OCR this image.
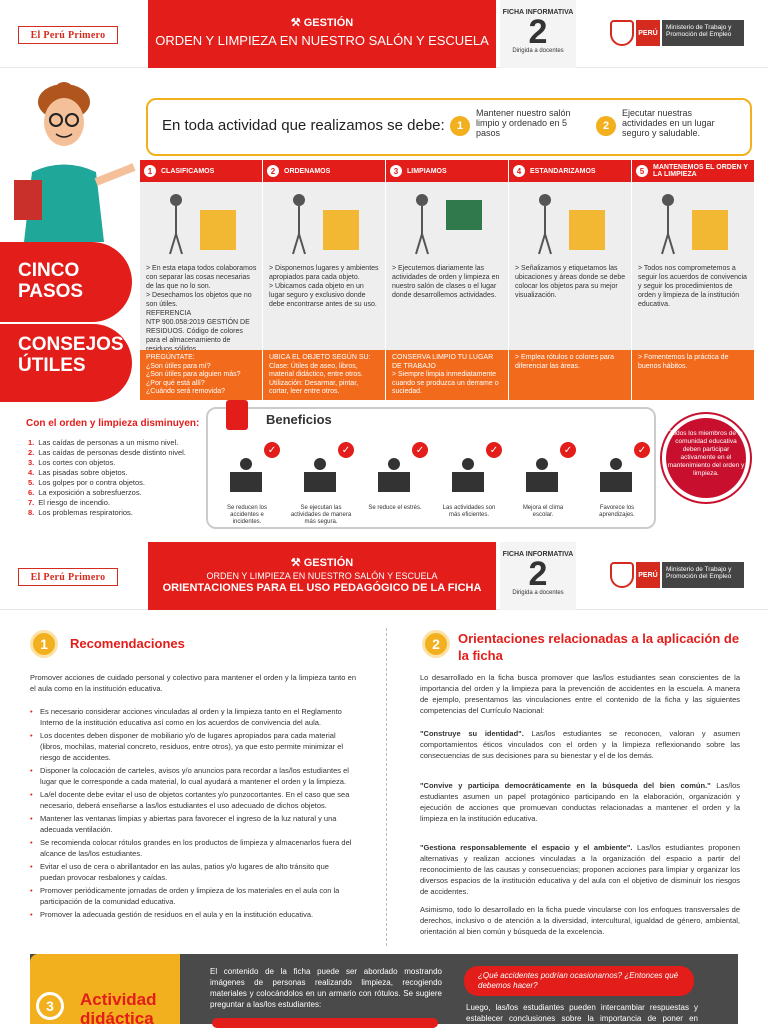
El Perú Primero
⚒ GESTIÓN
ORDEN Y LIMPIEZA EN NUESTRO SALÓN Y ESCUELA
FICHA INFORMATIVA
2
Dirigida a docentes
PERÚ
Ministerio de Trabajo y Promoción del Empleo
En toda actividad que realizamos se debe:	1
Mantener nuestro salón limpio y ordenado en 5 pasos
2
Ejecutar nuestras actividades en un lugar seguro y saludable.
CINCO PASOS
CONSEJOS ÚTILES
1	CLASIFICAMOS
> En esta etapa todos colaboramos con separar las cosas necesarias de las que no lo son.
> Desechamos los objetos que no son útiles.
REFERENCIA
NTP 900.058:2019 GESTIÓN DE RESIDUOS. Código de colores para el almacenamiento de
PREGÚNTATE:
¿Son útiles para mí?
¿Son útiles para alguien más?
¿Por qué está allí?
¿Cuándo será removida?
2	ORDENAMOS
> Disponemos lugares y ambientes apropiados para cada objeto.
> Ubicamos cada objeto en un lugar seguro y exclusivo donde debe encontrarse antes de su uso.
UBICA EL OBJETO SEGÚN SU:
Clase: Útiles de aseo, libros, material didáctico, entre otros.
Utilización: Desarmar, pintar, cortar, leer entre otros.
3	LIMPIAMOS
> Ejecutemos diariamente las actividades de orden y limpieza en nuestro salón de clases o el lugar donde desarrollemos actividades.
CONSERVA LIMPIO TU LUGAR DE TRABAJO
> Siempre limpia inmediatamente cuando se produzca un derrame o suciedad.
4	ESTANDARIZAMOS
> Señalizamos y etiquetamos las ubicaciones y áreas donde se debe colocar los objetos para su mejor visualización.
> Emplea rótulos o colores para diferenciar las áreas.
5	MANTENEMOS EL ORDEN Y LA LIMPIEZA
> Todos nos comprometemos a seguir los acuerdos de convivencia y seguir los procedimientos de orden y limpieza de la institución educativa.
> Fomentemos la práctica de buenos hábitos.
Con el orden y limpieza disminuyen:
1. Las caídas de personas a un mismo nivel.
2. Las caídas de personas desde distinto nivel.
3. Los cortes con objetos.
4. Las pisadas sobre objetos.
5. Los golpes por o contra objetos.
6. La exposición a sobresfuerzos.
7. El riesgo de incendio.
8. Los problemas respiratorios.
Beneficios
✓
Se reducen los accidentes e incidentes.
✓
Se ejecutan las actividades de manera más segura.
✓
Se reduce el estrés.
✓
Las actividades son más eficientes.
✓
Mejora el clima escolar.
✓
Favorece los aprendizajes.
Todos los miembros de la comunidad educativa deben participar activamente en el mantenimiento del orden y limpieza.
El Perú Primero
⚒ GESTIÓN
ORDEN Y LIMPIEZA EN NUESTRO SALÓN Y ESCUELA
ORIENTACIONES PARA EL USO PEDAGÓGICO DE LA FICHA
FICHA INFORMATIVA
2
Dirigida a docentes
PERÚ
Ministerio de Trabajo y Promoción del Empleo
1	Recomendaciones
Promover acciones de cuidado personal y colectivo para mantener el orden y la limpieza tanto en el aula como en la institución educativa.
• Es necesario considerar acciones vinculadas al orden y la limpieza tanto en el Reglamento Interno de la institución educativa así como en los acuerdos de convivencia del aula.
• Los docentes deben disponer de mobiliario y/o de lugares apropiados para cada material (libros, mochilas, material concreto, residuos, entre otros), ya que esto permite minimizar el riesgo de accidentes.
• Disponer la colocación de carteles, avisos y/o anuncios para recordar a las/los estudiantes el lugar que le corresponde a cada material, lo cual ayudará a mantener el orden y la limpieza.
• La/el docente debe evitar el uso de objetos cortantes y/o punzocortantes. En el caso que sea necesario, deberá enseñarse a las/los estudiantes el uso adecuado de dichos objetos.
• Mantener las ventanas limpias y abiertas para favorecer el ingreso de la luz natural y una adecuada ventilación.
• Se recomienda colocar rótulos grandes en los productos de limpieza y almacenarlos fuera del alcance de las/los estudiantes.
• Evitar el uso de cera o abrillantador en las aulas, patios y/o lugares de alto tránsito que puedan provocar resbalones y caídas.
• Promover periódicamente jornadas de orden y limpieza de los materiales en el aula con la participación de la comunidad educativa.
• Promover la adecuada gestión de residuos en el aula y en la institución educativa.
2	Orientaciones relacionadas a la aplicación de la ficha
Lo desarrollado en la ficha busca promover que las/los estudiantes sean conscientes de la importancia del orden y la limpieza para la prevención de accidentes en la escuela. A manera de ejemplo, presentamos las vinculaciones entre el contenido de la ficha y las siguientes competencias del Currículo Nacional:
"Construye su identidad". Las/los estudiantes se reconocen, valoran y asumen comportamientos éticos vinculados con el orden y la limpieza reflexionando sobre las consecuencias de sus decisiones para su bienestar y el de los demás.
"Convive y participa democráticamente en la búsqueda del bien común." Las/los estudiantes asumen un papel protagónico participando en la elaboración, organización y ejecución de acciones que promuevan conductas relacionadas a mantener el orden y la limpieza en la institución educativa.
"Gestiona responsablemente el espacio y el ambiente". Las/los estudiantes proponen alternativas y realizan acciones vinculadas a la organización del espacio a partir del reconocimiento de las causas y consecuencias; proponen acciones para limpiar y organizar los diversos espacios de la institución educativa y del aula con el objetivo de disminuir los riesgos de accidentes.
Asimismo, todo lo desarrollado en la ficha puede vincularse con los enfoques transversales de derechos, inclusivo o de atención a la diversidad, intercultural, igualdad de género, ambiental, orientación al bien común y búsqueda de la excelencia.
3	Actividad didáctica
El contenido de la ficha puede ser abordado mostrando imágenes de personas realizando limpieza, recogiendo materiales y colocándolos en un armario con rótulos. Se sugiere preguntar a las/los estudiantes:
¿Qué accidentes podrían ocasionarnos? ¿Entonces qué debemos hacer?
Luego, las/los estudiantes pueden intercambiar respuestas y establecer conclusiones sobre la importancia de poner en práctica
